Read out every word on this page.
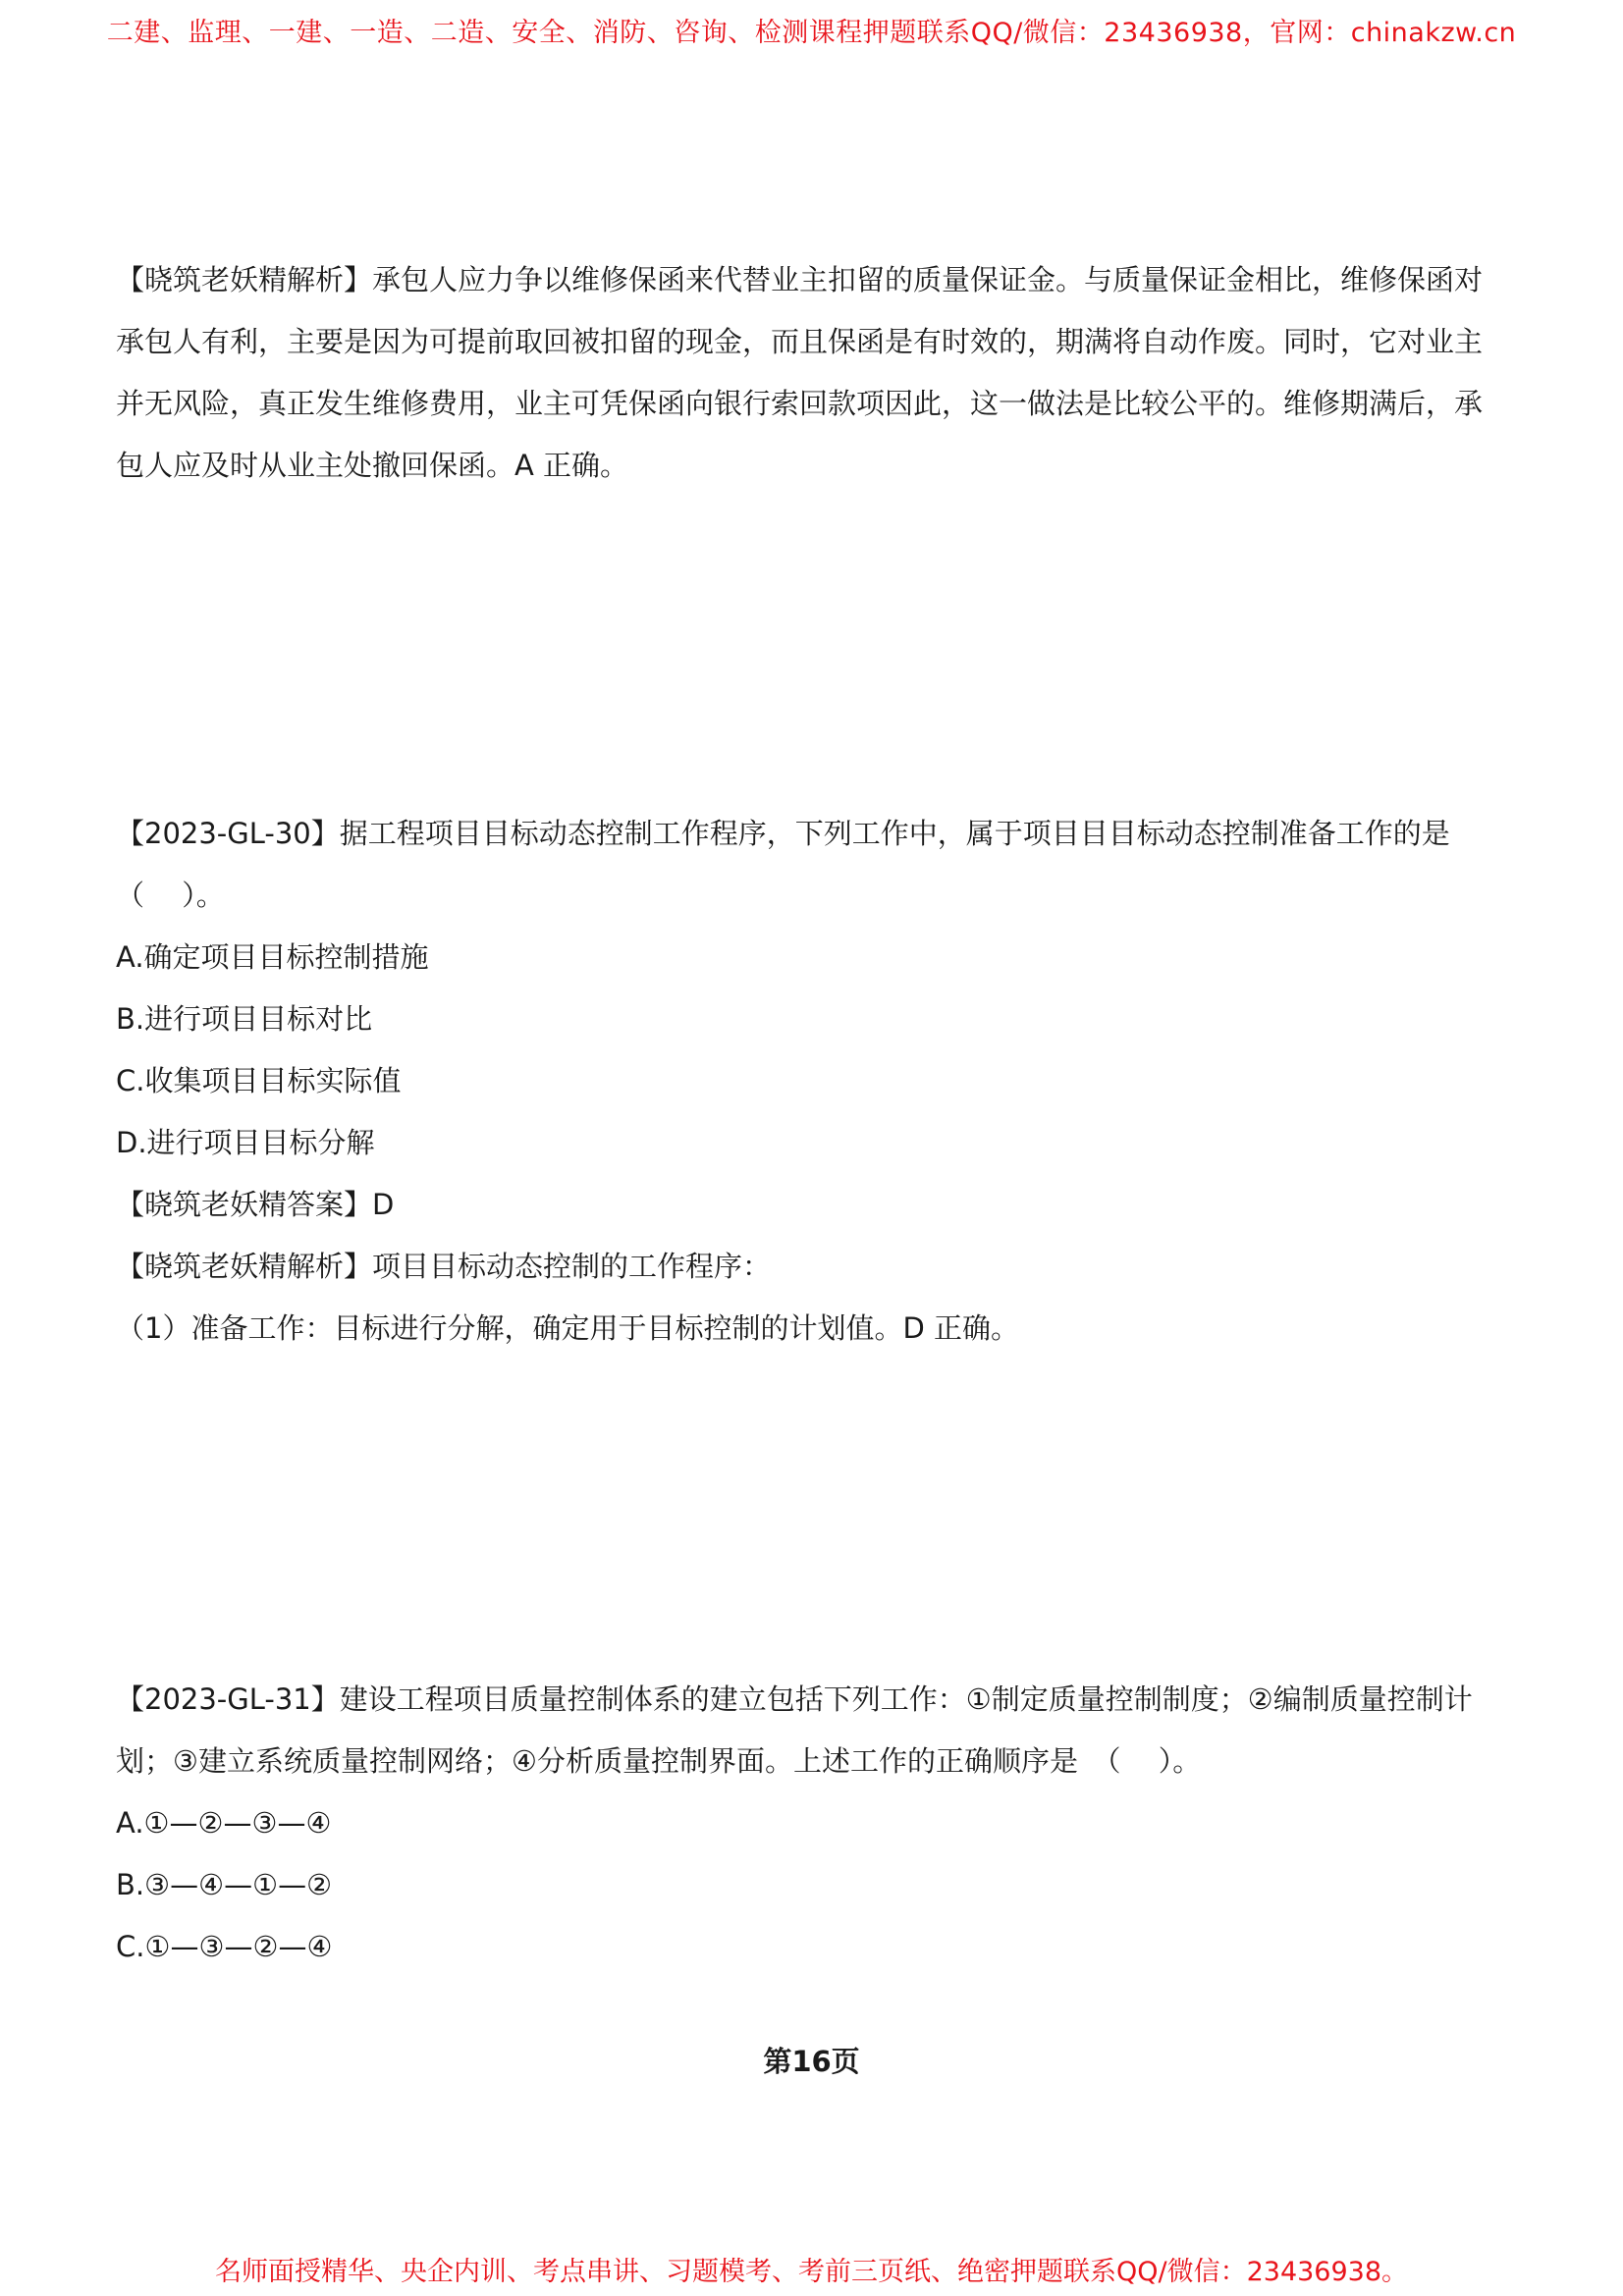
二建、监理、一建、一造、二造、安全、消防、咨询、检测课程押题联系QQ/微信：23436938，官网：chinakzw.cn

【晓筑老妖精解析】承包人应力争以维修保函来代替业主扣留的质量保证金。与质量保证金相比，维修保函对

承包人有利，主要是因为可提前取回被扣留的现金，而且保函是有时效的，期满将自动作废。同时，它对业主

并无风险，真正发生维修费用，业主可凭保函向银行索回款项因此，这一做法是比较公平的。维修期满后，承

包人应及时从业主处撤回保函。A 正确。

【2023-GL-30】据工程项目目标动态控制工作程序，下列工作中，属于项目目目标动态控制准备工作的是

（　 ）。

A.确定项目目标控制措施

B.进行项目目标对比

C.收集项目目标实际值

D.进行项目目标分解

【晓筑老妖精答案】D

【晓筑老妖精解析】项目目标动态控制的工作程序：

（1）准备工作：目标进行分解，确定用于目标控制的计划值。D 正确。

【2023-GL-31】建设工程项目质量控制体系的建立包括下列工作：①制定质量控制制度；②编制质量控制计

划；③建立系统质量控制网络；④分析质量控制界面。上述工作的正确顺序是　（　 ）。

A.①—②—③—④

B.③—④—①—②

C.①—③—②—④

第16页
名师面授精华、央企内训、考点串讲、习题模考、考前三页纸、绝密押题联系QQ/微信：23436938。
